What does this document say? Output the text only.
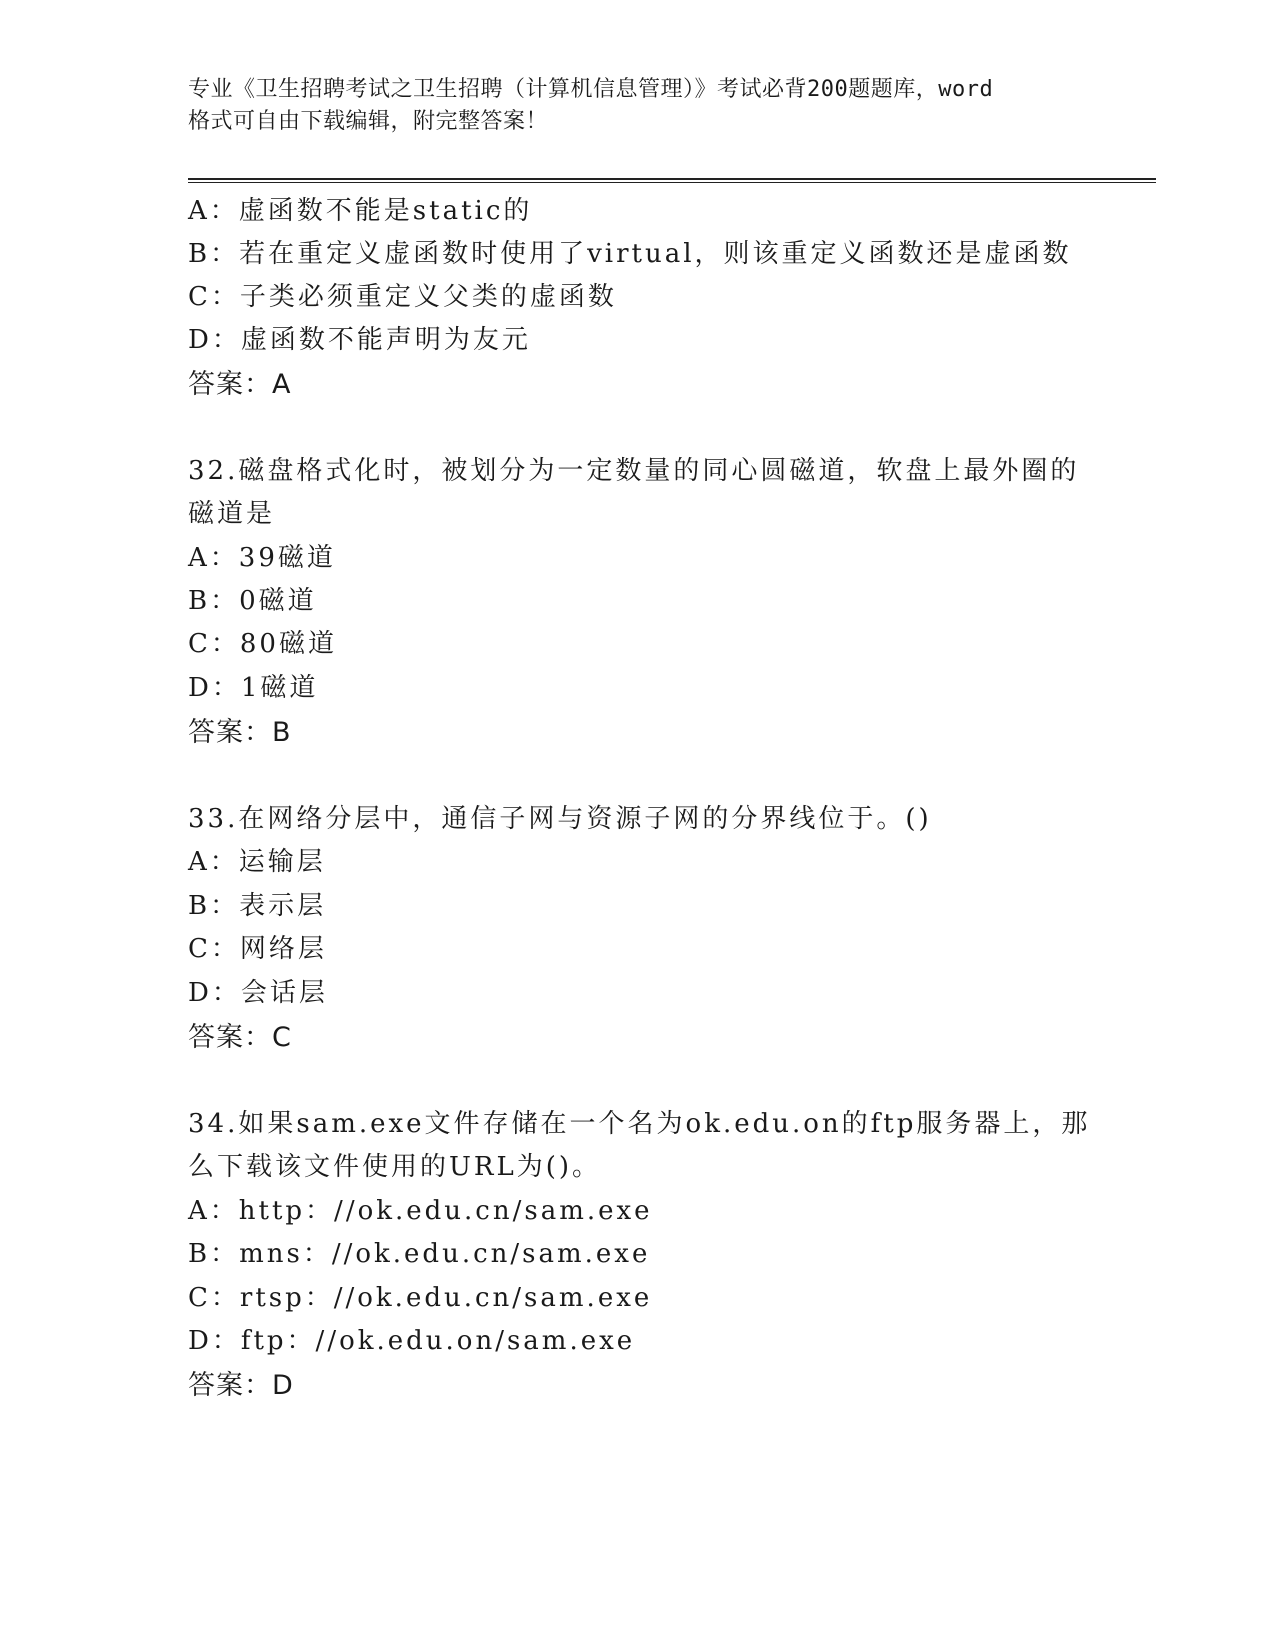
专业《卫生招聘考试之卫生招聘（计算机信息管理）》考试必背200题题库，word
格式可自由下载编辑，附完整答案！
A：虚函数不能是static的
B：若在重定义虚函数时使用了virtual，则该重定义函数还是虚函数
C：子类必须重定义父类的虚函数
D：虚函数不能声明为友元
答案：A
32.磁盘格式化时，被划分为一定数量的同心圆磁道，软盘上最外圈的
磁道是
A：39磁道
B：0磁道
C：80磁道
D：1磁道
答案：B
33.在网络分层中，通信子网与资源子网的分界线位于。()
A：运输层
B：表示层
C：网络层
D：会话层
答案：C
34.如果sam.exe文件存储在一个名为ok.edu.on的ftp服务器上，那
么下载该文件使用的URL为()。
A：http：//ok.edu.cn/sam.exe
B：mns：//ok.edu.cn/sam.exe
C：rtsp：//ok.edu.cn/sam.exe
D：ftp：//ok.edu.on/sam.exe
答案：D
